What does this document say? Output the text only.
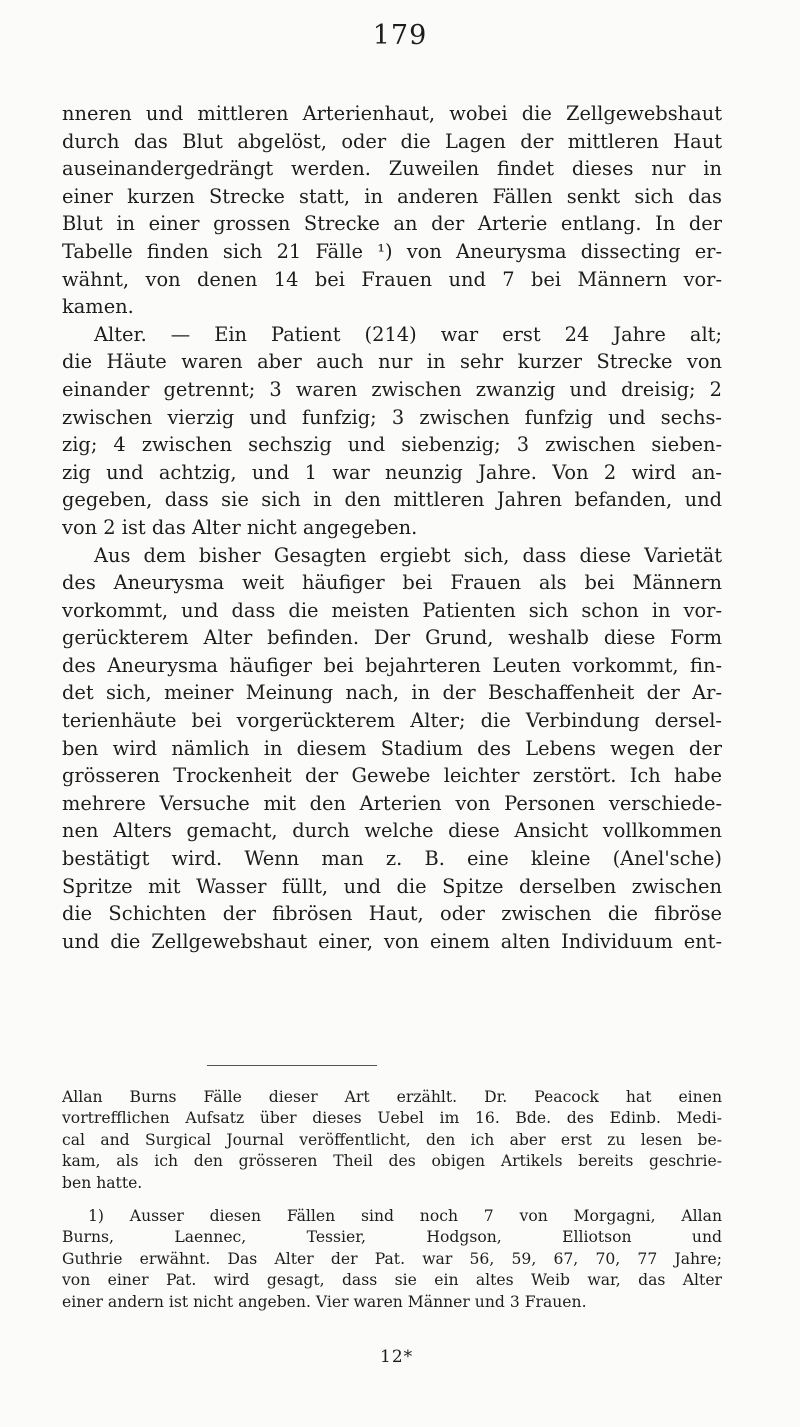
179
nneren und mittleren Arterienhaut, wobei die Zellgewebshaut
durch das Blut abgelöst, oder die Lagen der mittleren Haut
auseinandergedrängt werden. Zuweilen findet dieses nur in
einer kurzen Strecke statt, in anderen Fällen senkt sich das
Blut in einer grossen Strecke an der Arterie entlang. In der
Tabelle finden sich 21 Fälle ¹) von Aneurysma dissecting er-
wähnt, von denen 14 bei Frauen und 7 bei Männern vor-
kamen.
Alter. — Ein Patient (214) war erst 24 Jahre alt;
die Häute waren aber auch nur in sehr kurzer Strecke von
einander getrennt; 3 waren zwischen zwanzig und dreisig; 2
zwischen vierzig und funfzig; 3 zwischen funfzig und sechs-
zig; 4 zwischen sechszig und siebenzig; 3 zwischen sieben-
zig und achtzig, und 1 war neunzig Jahre. Von 2 wird an-
gegeben, dass sie sich in den mittleren Jahren befanden, und
von 2 ist das Alter nicht angegeben.
Aus dem bisher Gesagten ergiebt sich, dass diese Varietät
des Aneurysma weit häufiger bei Frauen als bei Männern
vorkommt, und dass die meisten Patienten sich schon in vor-
gerückterem Alter befinden. Der Grund, weshalb diese Form
des Aneurysma häufiger bei bejahrteren Leuten vorkommt, fin-
det sich, meiner Meinung nach, in der Beschaffenheit der Ar-
terienhäute bei vorgerückterem Alter; die Verbindung dersel-
ben wird nämlich in diesem Stadium des Lebens wegen der
grösseren Trockenheit der Gewebe leichter zerstört. Ich habe
mehrere Versuche mit den Arterien von Personen verschiede-
nen Alters gemacht, durch welche diese Ansicht vollkommen
bestätigt wird. Wenn man z. B. eine kleine (Anel'sche)
Spritze mit Wasser füllt, und die Spitze derselben zwischen
die Schichten der fibrösen Haut, oder zwischen die fibröse
und die Zellgewebshaut einer, von einem alten Individuum ent-
Allan Burns Fälle dieser Art erzählt. Dr. Peacock hat einen
vortrefflichen Aufsatz über dieses Uebel im 16. Bde. des Edinb. Medi-
cal and Surgical Journal veröffentlicht, den ich aber erst zu lesen be-
kam, als ich den grösseren Theil des obigen Artikels bereits geschrie-
ben hatte.
1) Ausser diesen Fällen sind noch 7 von Morgagni, Allan
Burns, Laennec, Tessier, Hodgson, Elliotson und
Guthrie erwähnt. Das Alter der Pat. war 56, 59, 67, 70, 77 Jahre;
von einer Pat. wird gesagt, dass sie ein altes Weib war, das Alter
einer andern ist nicht angeben. Vier waren Männer und 3 Frauen.
12*
